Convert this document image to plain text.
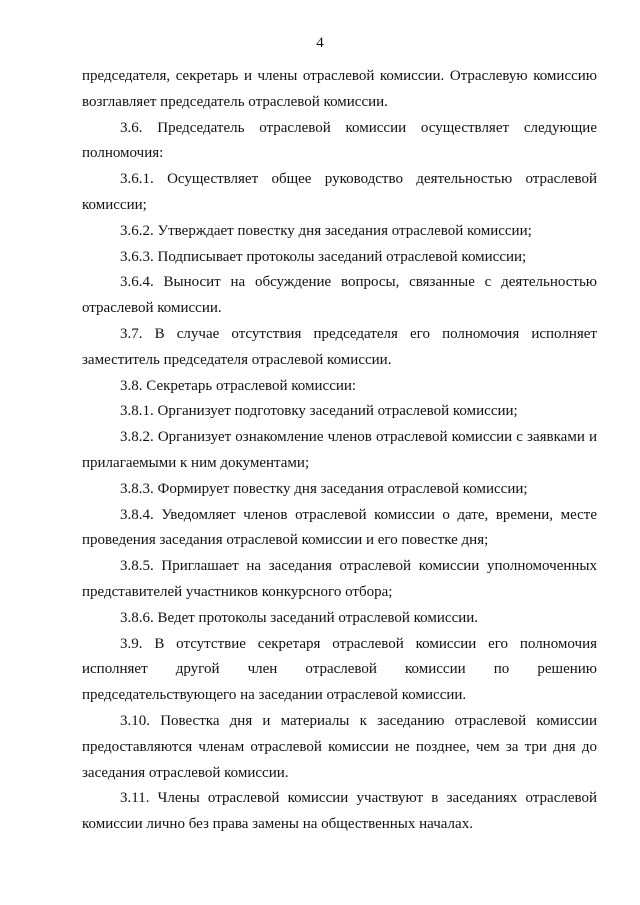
4

председателя, секретарь и члены отраслевой комиссии. Отраслевую комиссию возглавляет председатель отраслевой комиссии.

3.6. Председатель отраслевой комиссии осуществляет следующие полномочия:

3.6.1. Осуществляет общее руководство деятельностью отраслевой комиссии;

3.6.2. Утверждает повестку дня заседания отраслевой комиссии;

3.6.3. Подписывает протоколы заседаний отраслевой комиссии;

3.6.4. Выносит на обсуждение вопросы, связанные с деятельностью отраслевой комиссии.

3.7. В случае отсутствия председателя его полномочия исполняет заместитель председателя отраслевой комиссии.

3.8. Секретарь отраслевой комиссии:

3.8.1. Организует подготовку заседаний отраслевой комиссии;

3.8.2. Организует ознакомление членов отраслевой комиссии с заявками и прилагаемыми к ним документами;

3.8.3. Формирует повестку дня заседания отраслевой комиссии;

3.8.4. Уведомляет членов отраслевой комиссии о дате, времени, месте проведения заседания отраслевой комиссии и его повестке дня;

3.8.5. Приглашает на заседания отраслевой комиссии уполномоченных представителей участников конкурсного отбора;

3.8.6. Ведет протоколы заседаний отраслевой комиссии.

3.9. В отсутствие секретаря отраслевой комиссии его полномочия исполняет другой член отраслевой комиссии по решению председательствующего на заседании отраслевой комиссии.

3.10. Повестка дня и материалы к заседанию отраслевой комиссии предоставляются членам отраслевой комиссии не позднее, чем за три дня до заседания отраслевой комиссии.

3.11. Члены отраслевой комиссии участвуют в заседаниях отраслевой комиссии лично без права замены на общественных началах.
